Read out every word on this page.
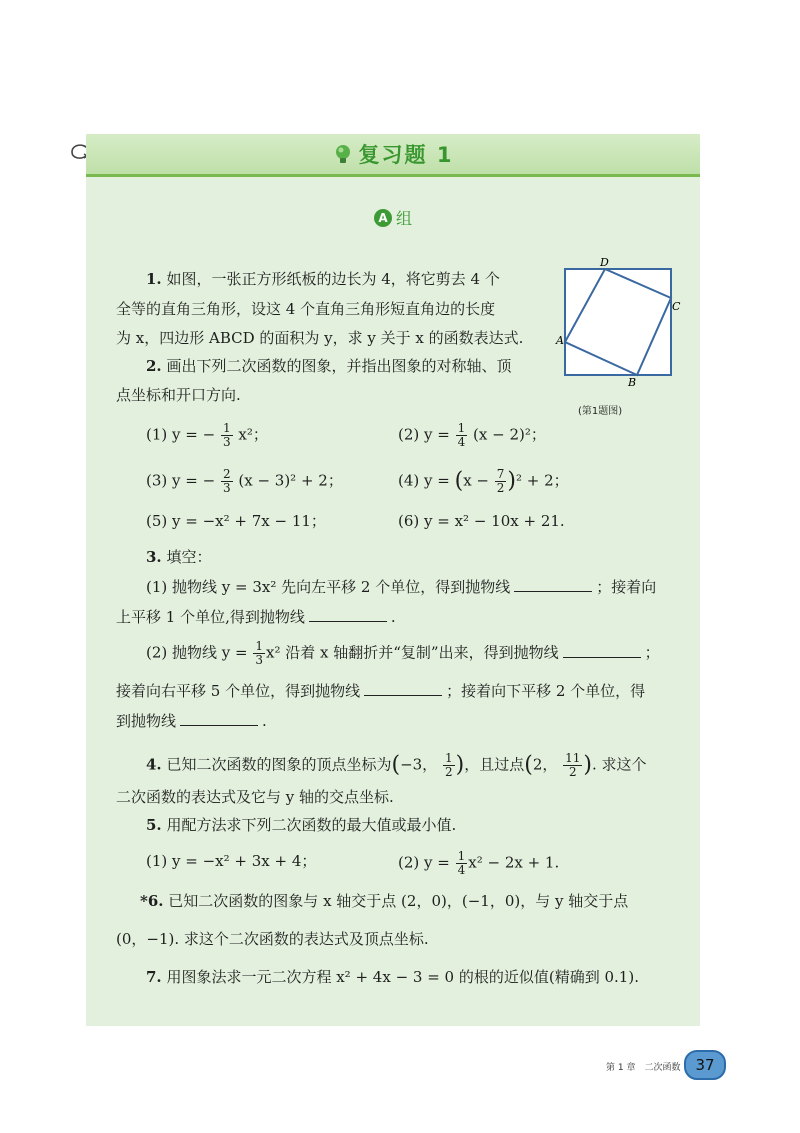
复习题 1
A 组
D
C
A
B
(第1题图)
1. 如图，一张正方形纸板的边长为 4，将它剪去 4 个
全等的直角三角形，设这 4 个直角三角形短直角边的长度
为 x，四边形 ABCD 的面积为 y，求 y 关于 x 的函数表达式.
2. 画出下列二次函数的图象，并指出图象的对称轴、顶
点坐标和开口方向.
(1) y = − $\frac{1}{3} x^2$；	(2) $y = \frac{1}{4} (x - 2)^2$；
(3) y = − $\frac{2}{3} (x - 3)^2 + 2$；	(4) $y = (x - \frac{7}{2} )^2 + 2$；
(5) y = −x² + 7x − 11；	(6) y = x² − 10x + 21.
3. 填空：
(1) 抛物线 y = 3x² 先向左平移 2 个单位，得到抛物线	；接着向
上平移 1 个单位,得到抛物线	.
(2) 抛物线 $y = \frac{1}{3} x^2$ 沿着 x 轴翻折并“复制”出来，得到抛物线	；
接着向右平移 5 个单位，得到抛物线	；接着向下平移 2 个单位，得
到抛物线	.
4. 已知二次函数的图象的顶点坐标为(−3， $\frac{1}{2}$ )，且过点(2， $\frac{11}{2}$ ). 求这个
二次函数的表达式及它与 y 轴的交点坐标.
5. 用配方法求下列二次函数的最大值或最小值.
(1) y = −x² + 3x + 4；	(2) $y = \frac{1}{4} x^2 - 2x + 1$.
*6. 已知二次函数的图象与 x 轴交于点 (2，0)，(−1，0)，与 y 轴交于点
(0，−1). 求这个二次函数的表达式及顶点坐标.
7. 用图象法求一元二次方程 x² + 4x − 3 = 0 的根的近似值(精确到 0.1).
第 1 章　二次函数	37
